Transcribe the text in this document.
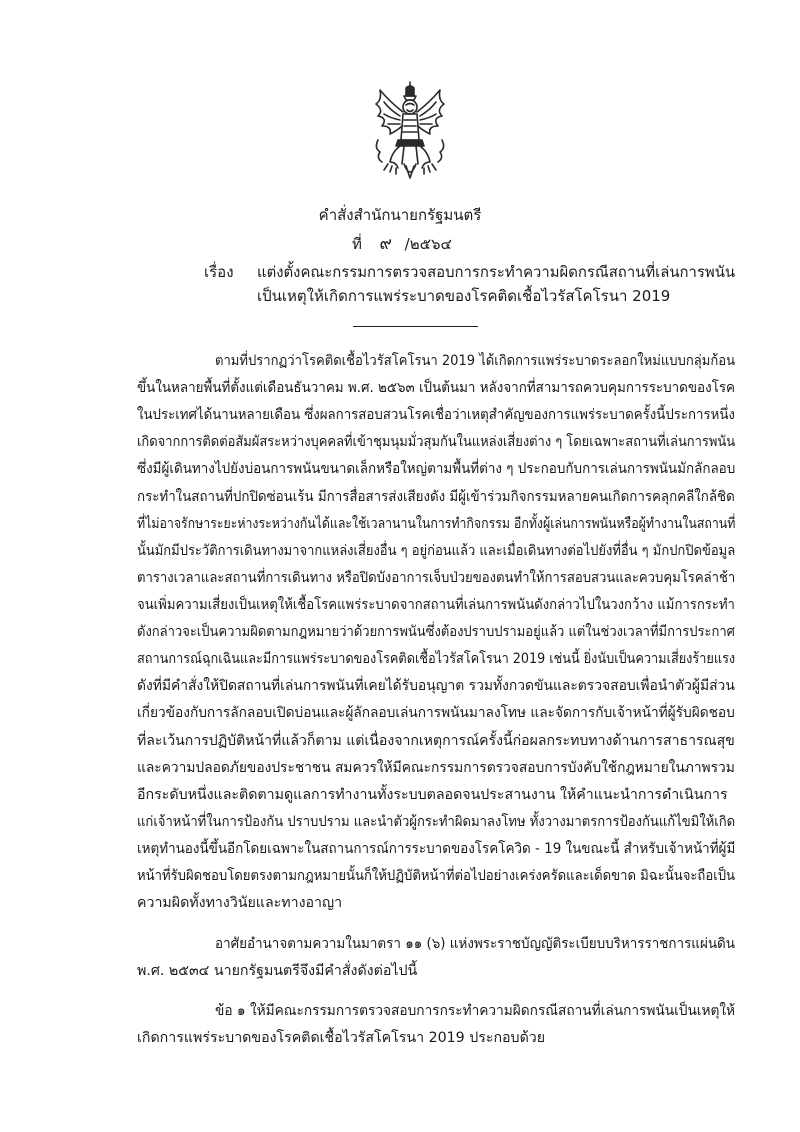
คำสั่งสำนักนายกรัฐมนตรี
ที่ ๙ /๒๕๖๔
เรื่อง แต่งตั้งคณะกรรมการตรวจสอบการกระทำความผิดกรณีสถานที่เล่นการพนัน
เป็นเหตุให้เกิดการแพร่ระบาดของโรคติดเชื้อไวรัสโคโรนา 2019
ตามที่ปรากฏว่าโรคติดเชื้อไวรัสโคโรนา 2019 ได้เกิดการแพร่ระบาดระลอกใหม่แบบกลุ่มก้อน
ขึ้นในหลายพื้นที่ตั้งแต่เดือนธันวาคม พ.ศ. ๒๕๖๓ เป็นต้นมา หลังจากที่สามารถควบคุมการระบาดของโรค
ในประเทศได้นานหลายเดือน ซึ่งผลการสอบสวนโรคเชื่อว่าเหตุสำคัญของการแพร่ระบาดครั้งนี้ประการหนึ่ง
เกิดจากการติดต่อสัมผัสระหว่างบุคคลที่เข้าชุมนุมมั่วสุมกันในแหล่งเสี่ยงต่าง ๆ โดยเฉพาะสถานที่เล่นการพนัน
ซึ่งมีผู้เดินทางไปยังบ่อนการพนันขนาดเล็กหรือใหญ่ตามพื้นที่ต่าง ๆ ประกอบกับการเล่นการพนันมักลักลอบ
กระทำในสถานที่ปกปิดซ่อนเร้น มีการสื่อสารส่งเสียงดัง มีผู้เข้าร่วมกิจกรรมหลายคนเกิดการคลุกคลีใกล้ชิด
ที่ไม่อาจรักษาระยะห่างระหว่างกันได้และใช้เวลานานในการทำกิจกรรม อีกทั้งผู้เล่นการพนันหรือผู้ทำงานในสถานที่
นั้นมักมีประวัติการเดินทางมาจากแหล่งเสี่ยงอื่น ๆ อยู่ก่อนแล้ว และเมื่อเดินทางต่อไปยังที่อื่น ๆ มักปกปิดข้อมูล
ตารางเวลาและสถานที่การเดินทาง หรือปิดบังอาการเจ็บป่วยของตนทำให้การสอบสวนและควบคุมโรคล่าช้า
จนเพิ่มความเสี่ยงเป็นเหตุให้เชื้อโรคแพร่ระบาดจากสถานที่เล่นการพนันดังกล่าวไปในวงกว้าง แม้การกระทำ
ดังกล่าวจะเป็นความผิดตามกฎหมายว่าด้วยการพนันซึ่งต้องปราบปรามอยู่แล้ว แต่ในช่วงเวลาที่มีการประกาศ
สถานการณ์ฉุกเฉินและมีการแพร่ระบาดของโรคติดเชื้อไวรัสโคโรนา 2019 เช่นนี้ ยิ่งนับเป็นความเสี่ยงร้ายแรง
ดังที่มีคำสั่งให้ปิดสถานที่เล่นการพนันที่เคยได้รับอนุญาต รวมทั้งกวดขันและตรวจสอบเพื่อนำตัวผู้มีส่วน
เกี่ยวข้องกับการลักลอบเปิดบ่อนและผู้ลักลอบเล่นการพนันมาลงโทษ และจัดการกับเจ้าหน้าที่ผู้รับผิดชอบ
ที่ละเว้นการปฏิบัติหน้าที่แล้วก็ตาม แต่เนื่องจากเหตุการณ์ครั้งนี้ก่อผลกระทบทางด้านการสาธารณสุข
และความปลอดภัยของประชาชน สมควรให้มีคณะกรรมการตรวจสอบการบังคับใช้กฎหมายในภาพรวม
อีกระดับหนึ่งและติดตามดูแลการทำงานทั้งระบบตลอดจนประสานงาน ให้คำแนะนำการดำเนินการ
แก่เจ้าหน้าที่ในการป้องกัน ปราบปราม และนำตัวผู้กระทำผิดมาลงโทษ ทั้งวางมาตรการป้องกันแก้ไขมิให้เกิด
เหตุทำนองนี้ขึ้นอีกโดยเฉพาะในสถานการณ์การระบาดของโรคโควิด - 19 ในขณะนี้ สำหรับเจ้าหน้าที่ผู้มี
หน้าที่รับผิดชอบโดยตรงตามกฎหมายนั้นก็ให้ปฏิบัติหน้าที่ต่อไปอย่างเคร่งครัดและเด็ดขาด มิฉะนั้นจะถือเป็น
ความผิดทั้งทางวินัยและทางอาญา
อาศัยอำนาจตามความในมาตรา ๑๑ (๖) แห่งพระราชบัญญัติระเบียบบริหารราชการแผ่นดิน
พ.ศ. ๒๕๓๔ นายกรัฐมนตรีจึงมีคำสั่งดังต่อไปนี้
ข้อ ๑ ให้มีคณะกรรมการตรวจสอบการกระทำความผิดกรณีสถานที่เล่นการพนันเป็นเหตุให้
เกิดการแพร่ระบาดของโรคติดเชื้อไวรัสโคโรนา 2019 ประกอบด้วย
